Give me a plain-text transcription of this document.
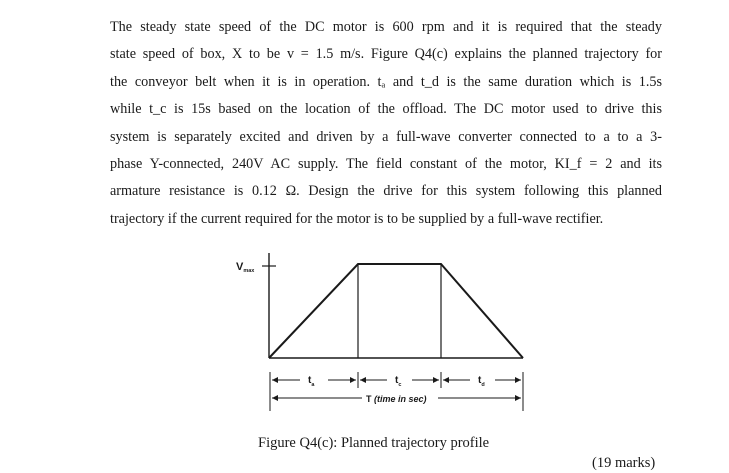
The steady state speed of the DC motor is 600 rpm and it is required that the steady
state speed of box, X to be v = 1.5 m/s. Figure Q4(c) explains the planned trajectory for
the conveyor belt when it is in operation. tₐ and t_d is the same duration which is 1.5s
while t_c is 15s based on the location of the offload. The DC motor used to drive this
system is separately excited and driven by a full-wave converter connected to a to a 3-
phase Y-connected, 240V AC supply. The field constant of the motor, KI_f = 2 and its
armature resistance is 0.12 Ω. Design the drive for this system following this planned
trajectory if the current required for the motor is to be supplied by a full-wave rectifier.

Vmax
$t_a$	$t_c$	$t_d$
T (time in sec)

Figure Q4(c): Planned trajectory profile

(19 marks)
